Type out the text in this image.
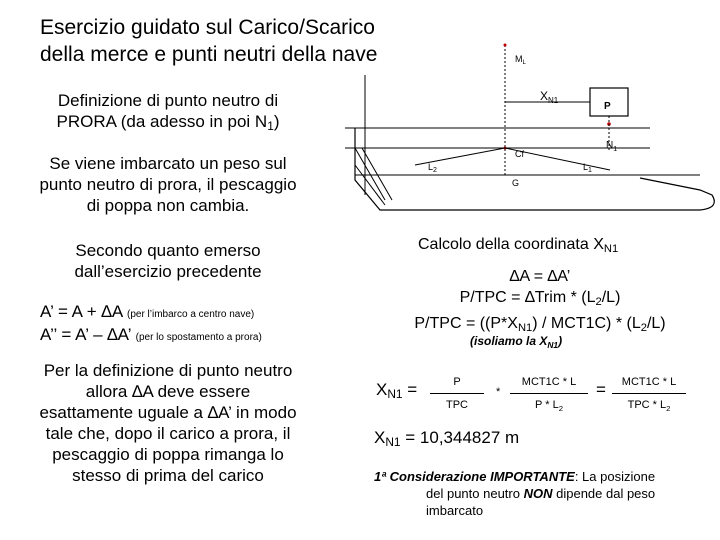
Esercizio guidato sul Carico/Scarico
della merce e punti neutri della nave
Definizione di punto neutro di
PRORA (da adesso in poi $N_1$)
Se viene imbarcato un peso sul
punto neutro di prora, il pescaggio
di poppa non cambia.
Secondo quanto emerso
dall’esercizio precedente
A’ = A + ∆A (per l’imbarco a centro nave)
A’’ = A’ – ∆A’ (per lo spostamento a prora)
Per la definizione di punto neutro
allora ∆A deve essere
esattamente uguale a ∆A’ in modo
tale che, dopo il carico a prora, il
pescaggio di poppa rimanga lo
stesso di prima del carico
$M_L$
$X_{N1}$
P
$N_1$
Cf
$L_2$	$L_1$
G
Calcolo della coordinata $X_{N1}$
∆A = ∆A’
P/TPC = ∆Trim * $(L_2/L)$
$P/TPC = ((P*X_{N1}) / MCT1C) * (L_2/L)$
(isoliamo la $X_{N1}$)
$X_{N1}$ =	P
TPC
*
MCT1C * L
P * $L_2$
=	MCT1C * L
TPC * $L_2$
$X_{N1} = 10,344827$ m
1ª Considerazione IMPORTANTE: La posizione
del punto neutro NON dipende dal peso
imbarcato
